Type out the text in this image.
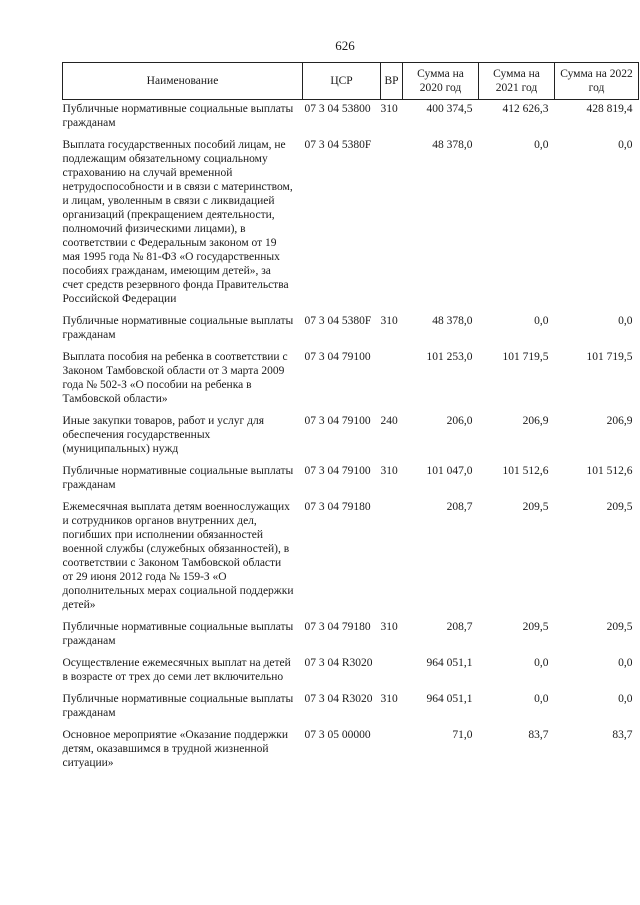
626
Наименование	ЦСР	ВР	Сумма на 2020 год	Сумма на 2021 год	Сумма на 2022 год
Публичные нормативные социальные выплаты гражданам	07 3 04 53800	310	400 374,5	412 626,3	428 819,4
Выплата государственных пособий лицам, не подлежащим обязательному социальному страхованию на случай временной нетрудоспособности и в связи с материнством, и лицам, уволенным в связи с ликвидацией организаций (прекращением деятельности, полномочий физическими лицами), в соответствии с Федеральным законом от 19 мая 1995 года № 81-ФЗ «О государственных пособиях гражданам, имеющим детей», за счет средств резервного фонда Правительства Российской Федерации	07 3 04 5380F		48 378,0	0,0	0,0
Публичные нормативные социальные выплаты гражданам	07 3 04 5380F	310	48 378,0	0,0	0,0
Выплата пособия на ребенка в соответствии с Законом Тамбовской области от 3 марта 2009 года № 502-З «О пособии на ребенка в Тамбовской области»	07 3 04 79100		101 253,0	101 719,5	101 719,5
Иные закупки товаров, работ и услуг для обеспечения государственных (муниципальных) нужд	07 3 04 79100	240	206,0	206,9	206,9
Публичные нормативные социальные выплаты гражданам	07 3 04 79100	310	101 047,0	101 512,6	101 512,6
Ежемесячная выплата детям военнослужащих и сотрудников органов внутренних дел, погибших при исполнении обязанностей военной службы (служебных обязанностей), в соответствии с Законом Тамбовской области от 29 июня 2012 года № 159-З «О дополнительных мерах социальной поддержки детей»	07 3 04 79180		208,7	209,5	209,5
Публичные нормативные социальные выплаты гражданам	07 3 04 79180	310	208,7	209,5	209,5
Осуществление ежемесячных выплат на детей в возрасте от трех до семи лет включительно	07 3 04 R3020		964 051,1	0,0	0,0
Публичные нормативные социальные выплаты гражданам	07 3 04 R3020	310	964 051,1	0,0	0,0
Основное мероприятие «Оказание поддержки детям, оказавшимся в трудной жизненной ситуации»	07 3 05 00000		71,0	83,7	83,7
